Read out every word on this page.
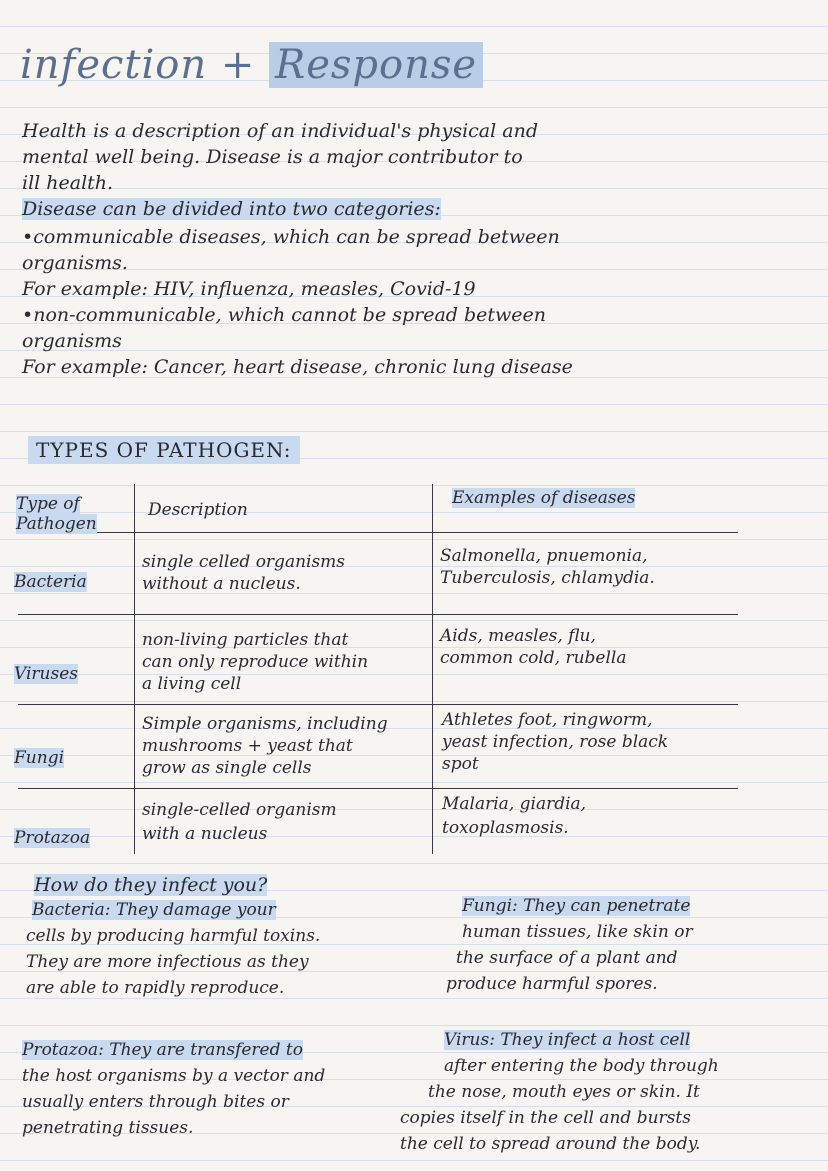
infection + Response
Health is a description of an individual's physical and
mental well being. Disease is a major contributor to
ill health.
Disease can be divided into two categories:
•communicable diseases, which can be spread between
organisms.
For example: HIV, influenza, measles, Covid-19
•non-communicable, which cannot be spread between
organisms
For example: Cancer, heart disease, chronic lung disease
TYPES OF PATHOGEN:
Type of Pathogen
Description
Examples of diseases
Bacteria
single celled organisms
without a nucleus.
Salmonella, pnuemonia,
Tuberculosis, chlamydia.
Viruses
non-living particles that
can only reproduce within
a living cell
Aids, measles, flu,
common cold, rubella
Fungi
Simple organisms, including
mushrooms + yeast that
grow as single cells
Athletes foot, ringworm,
yeast infection, rose black
spot
Protazoa
single-celled organism
with a nucleus
Malaria, giardia,
toxoplasmosis.
How do they infect you?
Bacteria: They damage your
cells by producing harmful toxins.
They are more infectious as they
are able to rapidly reproduce.
Fungi: They can penetrate
human tissues, like skin or
the surface of a plant and
produce harmful spores.
Protazoa: They are transfered to
the host organisms by a vector and
usually enters through bites or
penetrating tissues.
Virus: They infect a host cell
after entering the body through
the nose, mouth eyes or skin. It
copies itself in the cell and bursts
the cell to spread around the body.
